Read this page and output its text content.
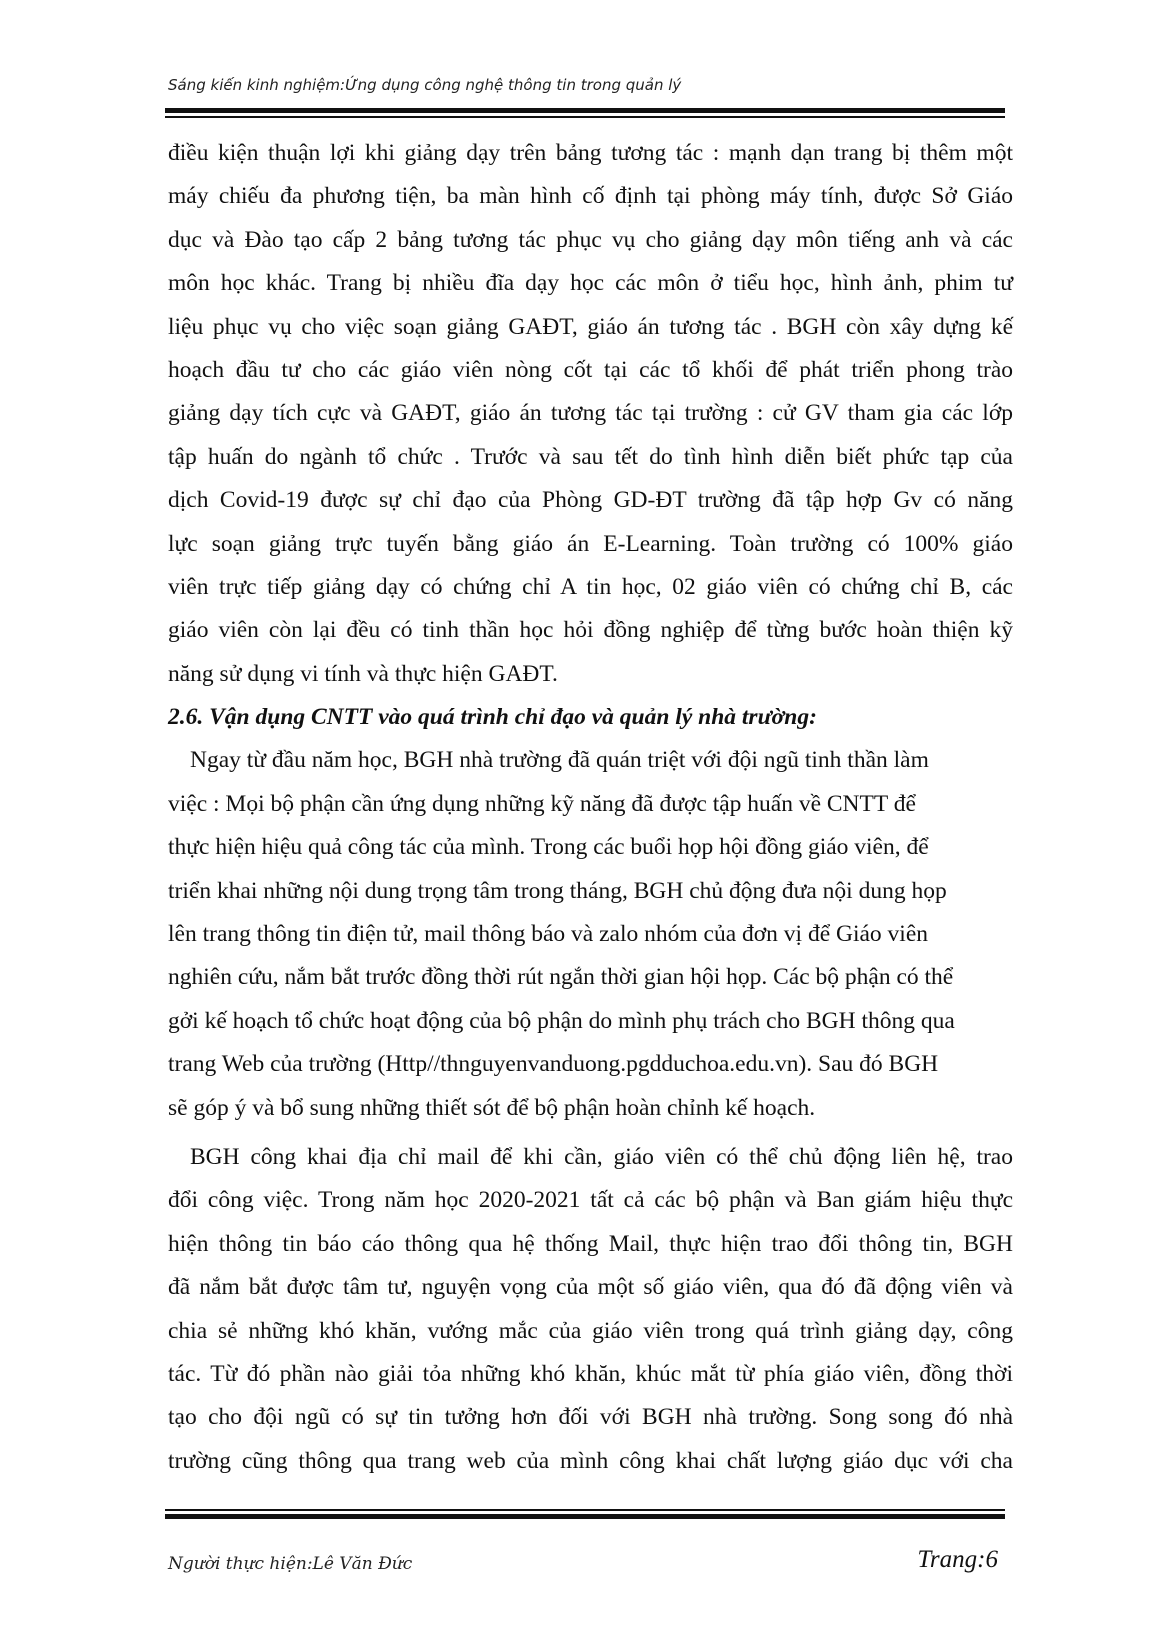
Sáng kiến kinh nghiệm:Ứng dụng công nghệ thông tin trong quản lý
điều kiện thuận lợi khi giảng dạy trên bảng tương tác : mạnh dạn trang bị thêm một
máy chiếu đa phương tiện, ba màn hình cố định tại phòng máy tính, được Sở Giáo
dục và Đào tạo cấp 2 bảng tương tác phục vụ cho giảng dạy môn tiếng anh và các
môn học khác. Trang bị nhiều đĩa dạy học các môn ở tiểu học, hình ảnh, phim tư
liệu phục vụ cho việc soạn giảng GAĐT, giáo án tương tác . BGH còn xây dựng kế
hoạch đầu tư cho các giáo viên nòng cốt tại các tổ khối để phát triển phong trào
giảng dạy tích cực và GAĐT, giáo án tương tác tại trường : cử GV tham gia các lớp
tập huấn do ngành tổ chức . Trước và sau tết do tình hình diễn biết phức tạp của
dịch Covid-19 được sự chỉ đạo của Phòng GD-ĐT trường đã tập hợp Gv có năng
lực soạn giảng trực tuyến bằng giáo án E-Learning. Toàn trường có 100% giáo
viên trực tiếp giảng dạy có chứng chỉ A tin học, 02 giáo viên có chứng chỉ B, các
giáo viên còn lại đều có tinh thần học hỏi đồng nghiệp để từng bước hoàn thiện kỹ
năng sử dụng vi tính và thực hiện GAĐT.
2.6. Vận dụng CNTT vào quá trình chỉ đạo và quản lý nhà trường:
Ngay từ đầu năm học, BGH nhà trường đã quán triệt với đội ngũ tinh thần làm
việc : Mọi bộ phận cần ứng dụng những kỹ năng đã được tập huấn về CNTT để
thực hiện hiệu quả công tác của mình. Trong các buổi họp hội đồng giáo viên, để
triển khai những nội dung trọng tâm trong tháng, BGH chủ động đưa nội dung họp
lên trang thông tin điện tử, mail thông báo và zalo nhóm của đơn vị để Giáo viên
nghiên cứu, nắm bắt trước đồng thời rút ngắn thời gian hội họp. Các bộ phận có thể
gởi kế hoạch tổ chức hoạt động của bộ phận do mình phụ trách cho BGH thông qua
trang Web của trường (Http//thnguyenvanduong.pgdduchoa.edu.vn). Sau đó BGH
sẽ góp ý và bổ sung những thiết sót để bộ phận hoàn chỉnh kế hoạch.
BGH công khai địa chỉ mail để khi cần, giáo viên có thể chủ động liên hệ, trao
đổi công việc. Trong năm học 2020-2021 tất cả các bộ phận và Ban giám hiệu thực
hiện thông tin báo cáo thông qua hệ thống Mail, thực hiện trao đổi thông tin, BGH
đã nắm bắt được tâm tư, nguyện vọng của một số giáo viên, qua đó đã động viên và
chia sẻ những khó khăn, vướng mắc của giáo viên trong quá trình giảng dạy, công
tác. Từ đó phần nào giải tỏa những khó khăn, khúc mắt từ phía giáo viên, đồng thời
tạo cho đội ngũ có sự tin tưởng hơn đối với BGH nhà trường. Song song đó nhà
trường cũng thông qua trang web của mình công khai chất lượng giáo dục với cha
Người thực hiện:Lê Văn Đức	Trang:6
